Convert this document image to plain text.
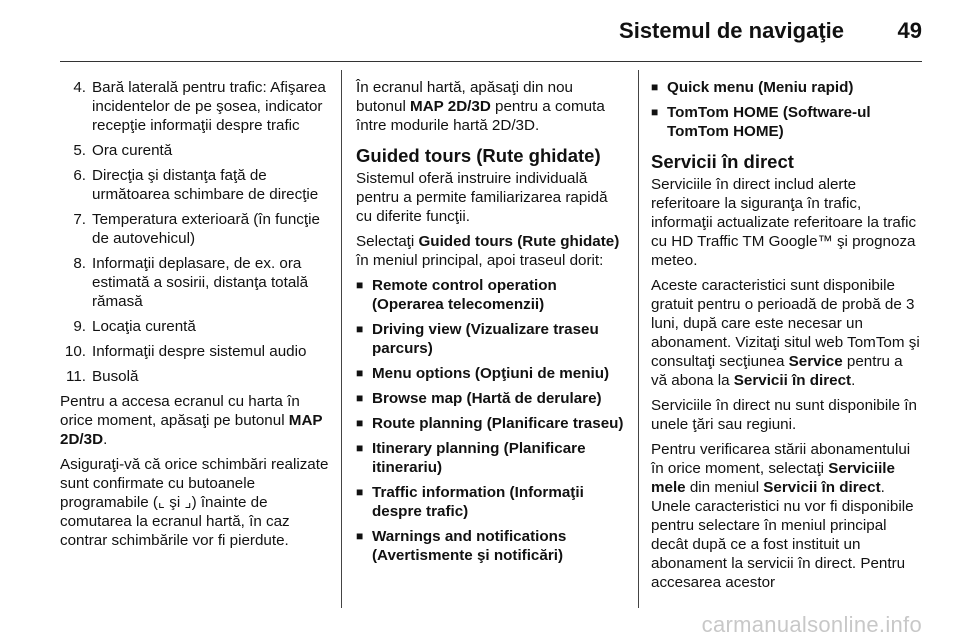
Sistemul de navigaţie 49
4. Bară laterală pentru trafic: Afişarea incidentelor de pe şosea, indicator recepţie informaţii despre trafic
5. Ora curentă
6. Direcţia şi distanţa faţă de următoarea schimbare de direcţie
7. Temperatura exterioară (în funcţie de autovehicul)
8. Informaţii deplasare, de ex. ora estimată a sosirii, distanţa totală rămasă
9. Locaţia curentă
10. Informaţii despre sistemul audio
11. Busolă

Pentru a accesa ecranul cu harta în orice moment, apăsaţi pe butonul MAP 2D/3D.

Asiguraţi-vă că orice schimbări realizate sunt confirmate cu butoanele programabile (⌞ şi ⌟) înainte de comutarea la ecranul hartă, în caz contrar schimbările vor fi pierdute.

În ecranul hartă, apăsaţi din nou butonul MAP 2D/3D pentru a comuta între modurile hartă 2D/3D.

Guided tours (Rute ghidate)

Sistemul oferă instruire individuală pentru a permite familiarizarea rapidă cu diferite funcţii.

Selectaţi Guided tours (Rute ghidate) în meniul principal, apoi traseul dorit:

■ Remote control operation (Operarea telecomenzii)
■ Driving view (Vizualizare traseu parcurs)
■ Menu options (Opţiuni de meniu)
■ Browse map (Hartă de derulare)
■ Route planning (Planificare traseu)
■ Itinerary planning (Planificare itinerariu)
■ Traffic information (Informaţii despre trafic)
■ Warnings and notifications (Avertismente şi notificări)
■ Quick menu (Meniu rapid)
■ TomTom HOME (Software-ul TomTom HOME)
Servicii în direct

Serviciile în direct includ alerte referitoare la siguranţa în trafic, informaţii actualizate referitoare la trafic cu HD Traffic TM Google™ şi prognoza meteo.

Aceste caracteristici sunt disponibile gratuit pentru o perioadă de probă de 3 luni, după care este necesar un abonament. Vizitaţi situl web TomTom şi consultaţi secţiunea Service pentru a vă abona la Servicii în direct.

Serviciile în direct nu sunt disponibile în unele ţări sau regiuni.

Pentru verificarea stării abonamentului în orice moment, selectaţi Serviciile mele din meniul Servicii în direct. Unele caracteristici nu vor fi disponibile pentru selectare în meniul principal decât după ce a fost instituit un abonament la servicii în direct. Pentru accesarea acestor

carmanualsonline.info
